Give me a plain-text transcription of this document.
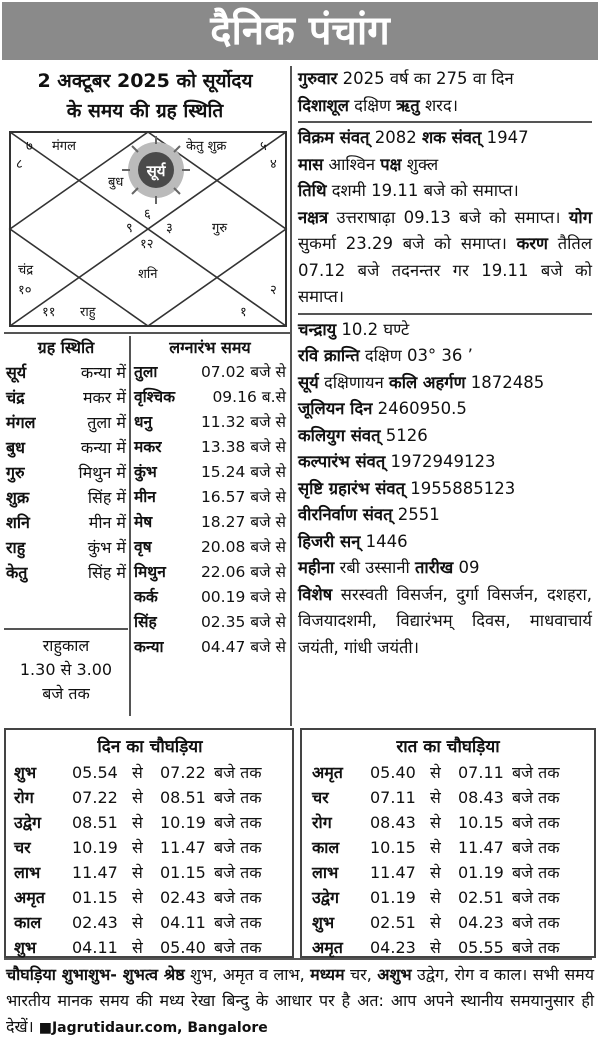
दैनिक पंचांग
2 अक्टूबर 2025 को सूर्योदय
के समय की ग्रह स्थिति
सूर्य
७ मंगल	केतु शुक्र	५
४
८
बुध
६
९	३	गुरु
१२
शनि
चंद्र
१०	२
११ राहु	१

गुरुवार 2025 वर्ष का 275 वा दिन

दिशाशूल दक्षिण ऋतु शरद।

विक्रम संवत् 2082 शक संवत् 1947

मास आश्विन पक्ष शुक्ल

तिथि दशमी 19.11 बजे को समाप्त।

नक्षत्र उत्तराषाढ़ा 09.13 बजे को समाप्त। योग सुकर्मा 23.29 बजे को समाप्त। करण तैतिल 07.12 बजे तदनन्तर गर 19.11 बजे को समाप्त।

चन्द्रायु 10.2 घण्टे

रवि क्रान्ति दक्षिण 03° 36 ’

सूर्य दक्षिणायन कलि अहर्गण 1872485

जूलियन दिन 2460950.5

कलियुग संवत् 5126

कल्पारंभ संवत् 1972949123

सृष्टि ग्रहारंभ संवत् 1955885123

वीरनिर्वाण संवत् 2551

हिजरी सन् 1446

महीना रबी उस्सानी तारीख 09

विशेष सरस्वती विसर्जन, दुर्गा विसर्जन, दशहरा, विजयादशमी, विद्यारंभम् दिवस, माधवाचार्य जयंती, गांधी जयंती।

ग्रह स्थिति
सूर्य	कन्या में
चंद्र	मकर में
मंगल	तुला में
बुध	कन्या में
गुरु	मिथुन में
शुक्र	सिंह में
शनि	मीन में
राहु	कुंभ में
केतु	सिंह में
लग्नारंभ समय
तुला	07.02 बजे से
वृश्चिक 09.16 ब.से
धनु	11.32 बजे से
मकर	13.38 बजे से
कुंभ	15.24 बजे से
मीन	16.57 बजे से
मेष	18.27 बजे से
वृष	20.08 बजे से
मिथुन 22.06 बजे से
कर्क	00.19 बजे से
सिंह	02.35 बजे से
कन्या 04.47 बजे से
राहुकाल
1.30 से 3.00
बजे तक
दिन का चौघड़िया
शुभ 05.54 से 07.22 बजे तक
रोग 07.22 से 08.51 बजे तक
उद्वेग 08.51 से 10.19 बजे तक
चर	10.19 से 11.47 बजे तक
लाभ 11.47 से 01.15 बजे तक
अमृत 01.15 से 02.43 बजे तक
काल 02.43 से 04.11 बजे तक
शुभ 04.11 से 05.40 बजे तक
रात का चौघड़िया
अमृत 05.40 से 07.11 बजे तक
चर	07.11 से 08.43 बजे तक
रोग 08.43 से 10.15 बजे तक
काल 10.15 से 11.47 बजे तक
लाभ 11.47 से 01.19 बजे तक
उद्वेग 01.19 से 02.51 बजे तक
शुभ 02.51 से 04.23 बजे तक
अमृत 04.23 से 05.55 बजे तक
चौघड़िया शुभाशुभ- शुभत्व श्रेष्ठ शुभ, अमृत व लाभ, मध्यम चर, अशुभ उद्वेग, रोग व काल। सभी समय भारतीय मानक समय की मध्य रेखा बिन्दु के आधार पर है अत: आप अपने स्थानीय समयानुसार ही देखें। ■Jagrutidaur.com, Bangalore
